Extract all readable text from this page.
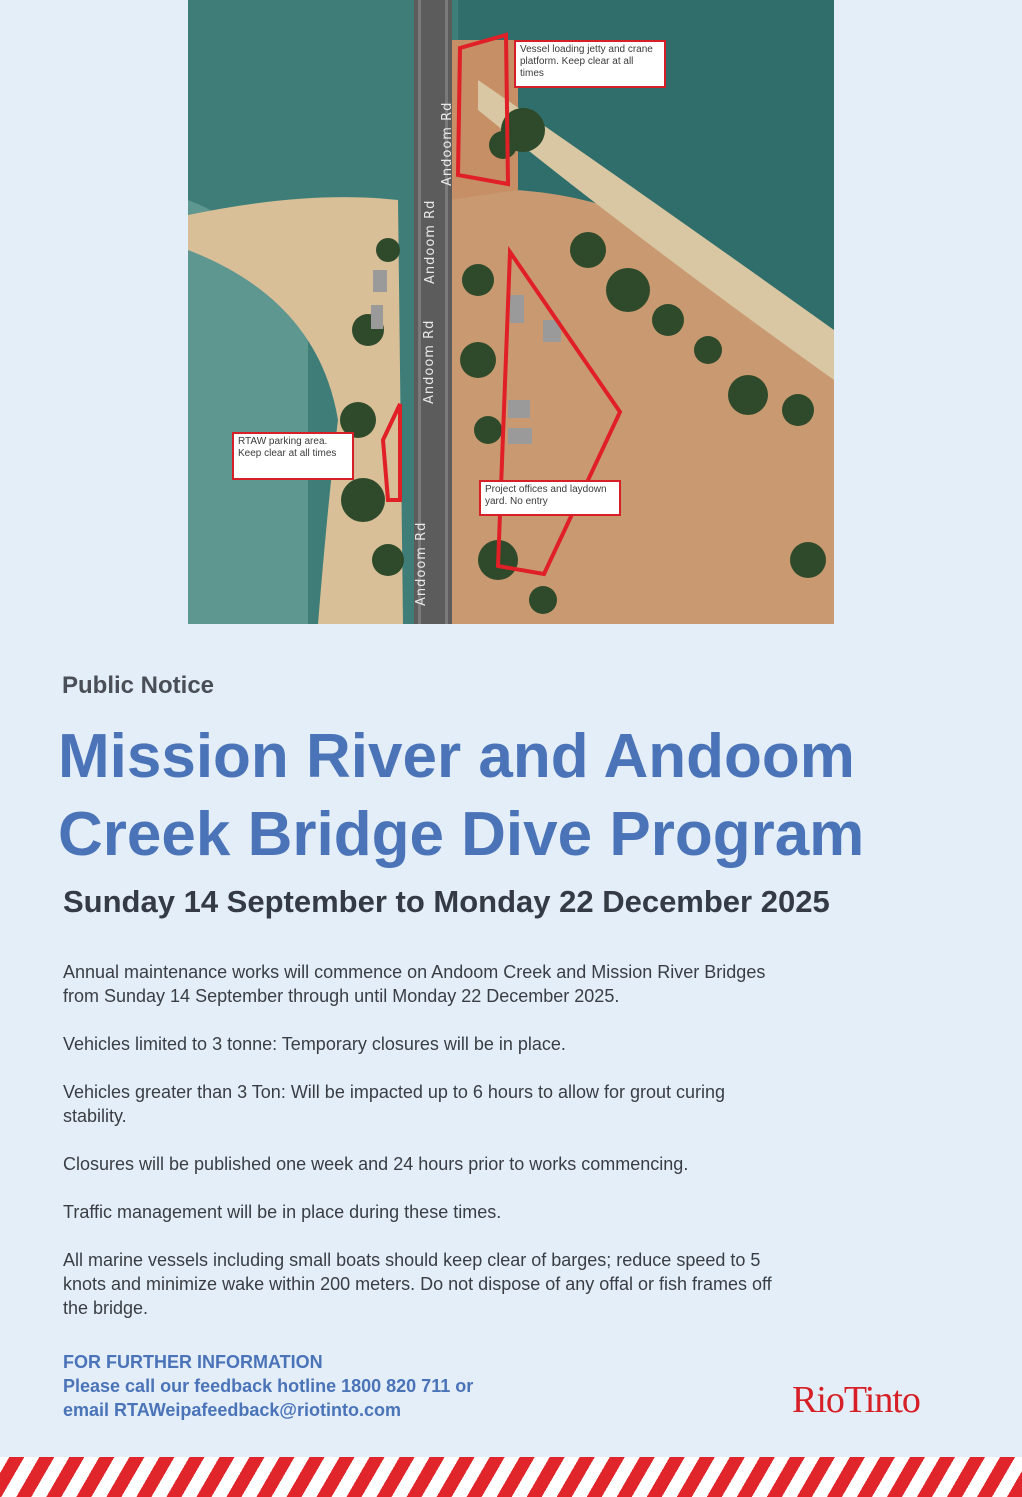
Andoom Rd
Andoom Rd
Andoom Rd
Andoom Rd
Vessel loading jetty and crane platform. Keep clear at all times
RTAW parking area. Keep clear at all times
Project offices and laydown yard. No entry
Public Notice
Mission River and Andoom Creek Bridge Dive Program
Sunday 14 September to Monday 22 December 2025

Annual maintenance works will commence on Andoom Creek and Mission River Bridges from Sunday 14 September through until Monday 22 December 2025.

Vehicles limited to 3 tonne: Temporary closures will be in place.

Vehicles greater than 3 Ton: Will be impacted up to 6 hours to allow for grout curing stability.

Closures will be published one week and 24 hours prior to works commencing.

Traffic management will be in place during these times.

All marine vessels including small boats should keep clear of barges; reduce speed to 5 knots and minimize wake within 200 meters. Do not dispose of any offal or fish frames off the bridge.

FOR FURTHER INFORMATION
Please call our feedback hotline 1800 820 711 or
email RTAWeipafeedback@riotinto.com	RioTinto
